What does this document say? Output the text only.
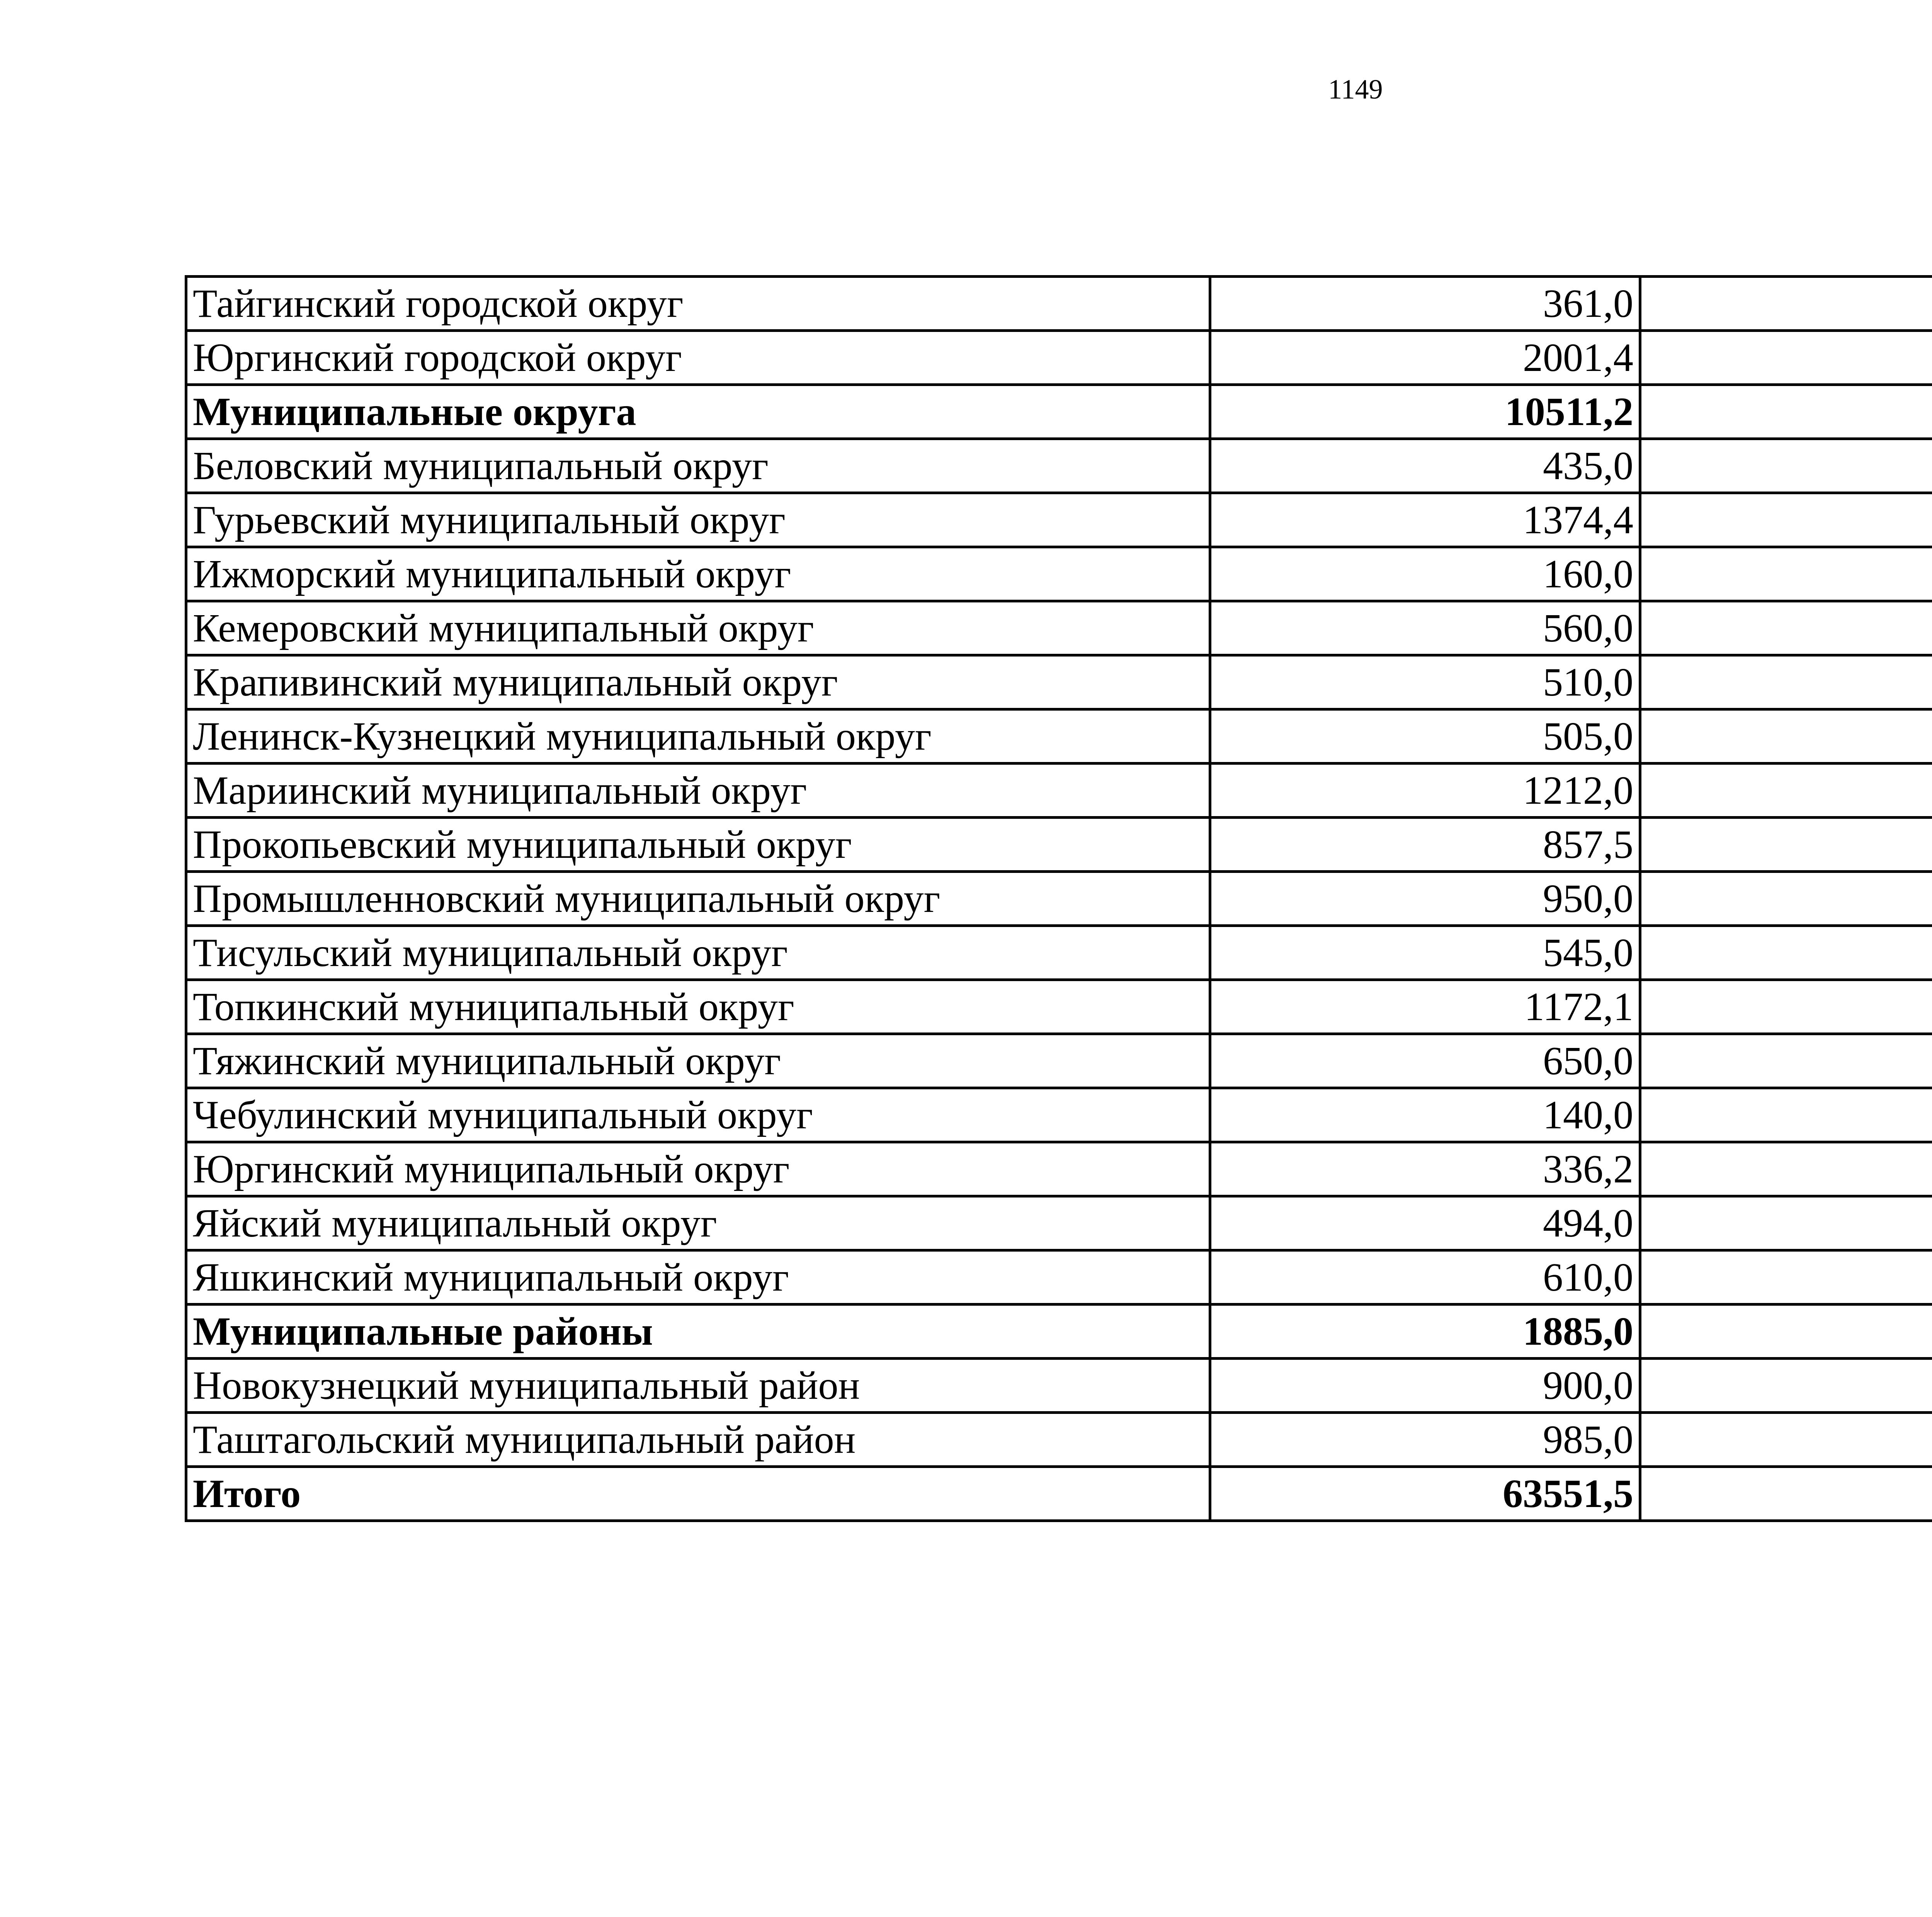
1149
Тайгинский городской округ	361,0		
Юргинский городской округ	2001,4		
Муниципальные округа	10511,2		
Беловский муниципальный округ	435,0		
Гурьевский муниципальный округ	1374,4		
Ижморский муниципальный округ	160,0		
Кемеровский муниципальный округ	560,0		
Крапивинский муниципальный округ	510,0		
Ленинск-Кузнецкий муниципальный округ	505,0		
Мариинский муниципальный округ	1212,0		
Прокопьевский муниципальный округ	857,5		
Промышленновский муниципальный округ	950,0		
Тисульский муниципальный округ	545,0		
Топкинский муниципальный округ	1172,1		
Тяжинский муниципальный округ	650,0		
Чебулинский муниципальный округ	140,0		
Юргинский муниципальный округ	336,2		
Яйский муниципальный округ	494,0		
Яшкинский муниципальный округ	610,0		
Муниципальные районы	1885,0		
Новокузнецкий муниципальный район	900,0		
Таштагольский муниципальный район	985,0		
Итого	63551,5		
